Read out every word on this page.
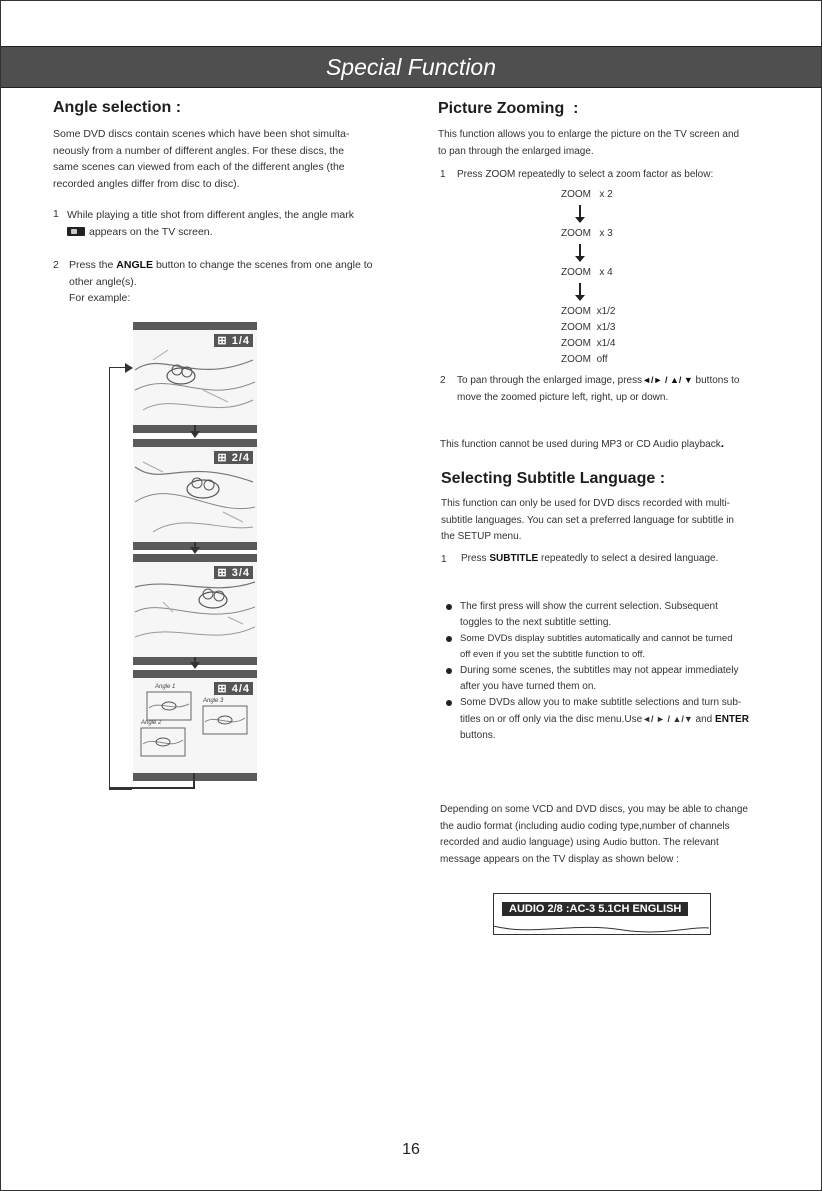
Special Function
Angle selection :
Some DVD discs contain scenes which have been shot simulta-
neously from a number of different angles. For these discs, the
same scenes can viewed from each of the different angles (the
recorded angles differ from disc to disc).
1 While playing a title shot from different angles, the angle mark
appears on the TV screen.
2 Press the ANGLE button to change the scenes from one angle to
other angle(s).
For example:
⊞ 1/4
⊞ 2/4
⊞ 3/4
Angle 1
Angle 3
Angle 2
⊞ 4/4
Picture Zooming :
This function allows you to enlarge the picture on the TV screen and
to pan through the enlarged image.
1 Press ZOOM repeatedly to select a zoom factor as below:
ZOOM x 2
ZOOM x 3
ZOOM x 4
ZOOM x1/2
ZOOM x1/3
ZOOM x1/4
ZOOM off
2 To pan through the enlarged image, press◄/► / ▲/ ▼ buttons to
move the zoomed picture left, right, up or down.
This function cannot be used during MP3 or CD Audio playback.
Selecting Subtitle Language :
This function can only be used for DVD discs recorded with multi-
subtitle languages. You can set a preferred language for subtitle in
the SETUP menu.
1 Press SUBTITLE repeatedly to select a desired language.
The first press will show the current selection. Subsequent
toggles to the next subtitle setting.
Some DVDs display subtitles automatically and cannot be turned
off even if you set the subtitle function to off.
During some scenes, the subtitles may not appear immediately
after you have turned them on.
Some DVDs allow you to make subtitle selections and turn sub-
titles on or off only via the disc menu.Use◄/ ► / ▲/▼ and ENTER
buttons.
Depending on some VCD and DVD discs, you may be able to change
the audio format (including audio coding type,number of channels
recorded and audio language) using Audio button. The relevant
message appears on the TV display as shown below :
AUDIO 2/8 :AC-3 5.1CH ENGLISH
16
